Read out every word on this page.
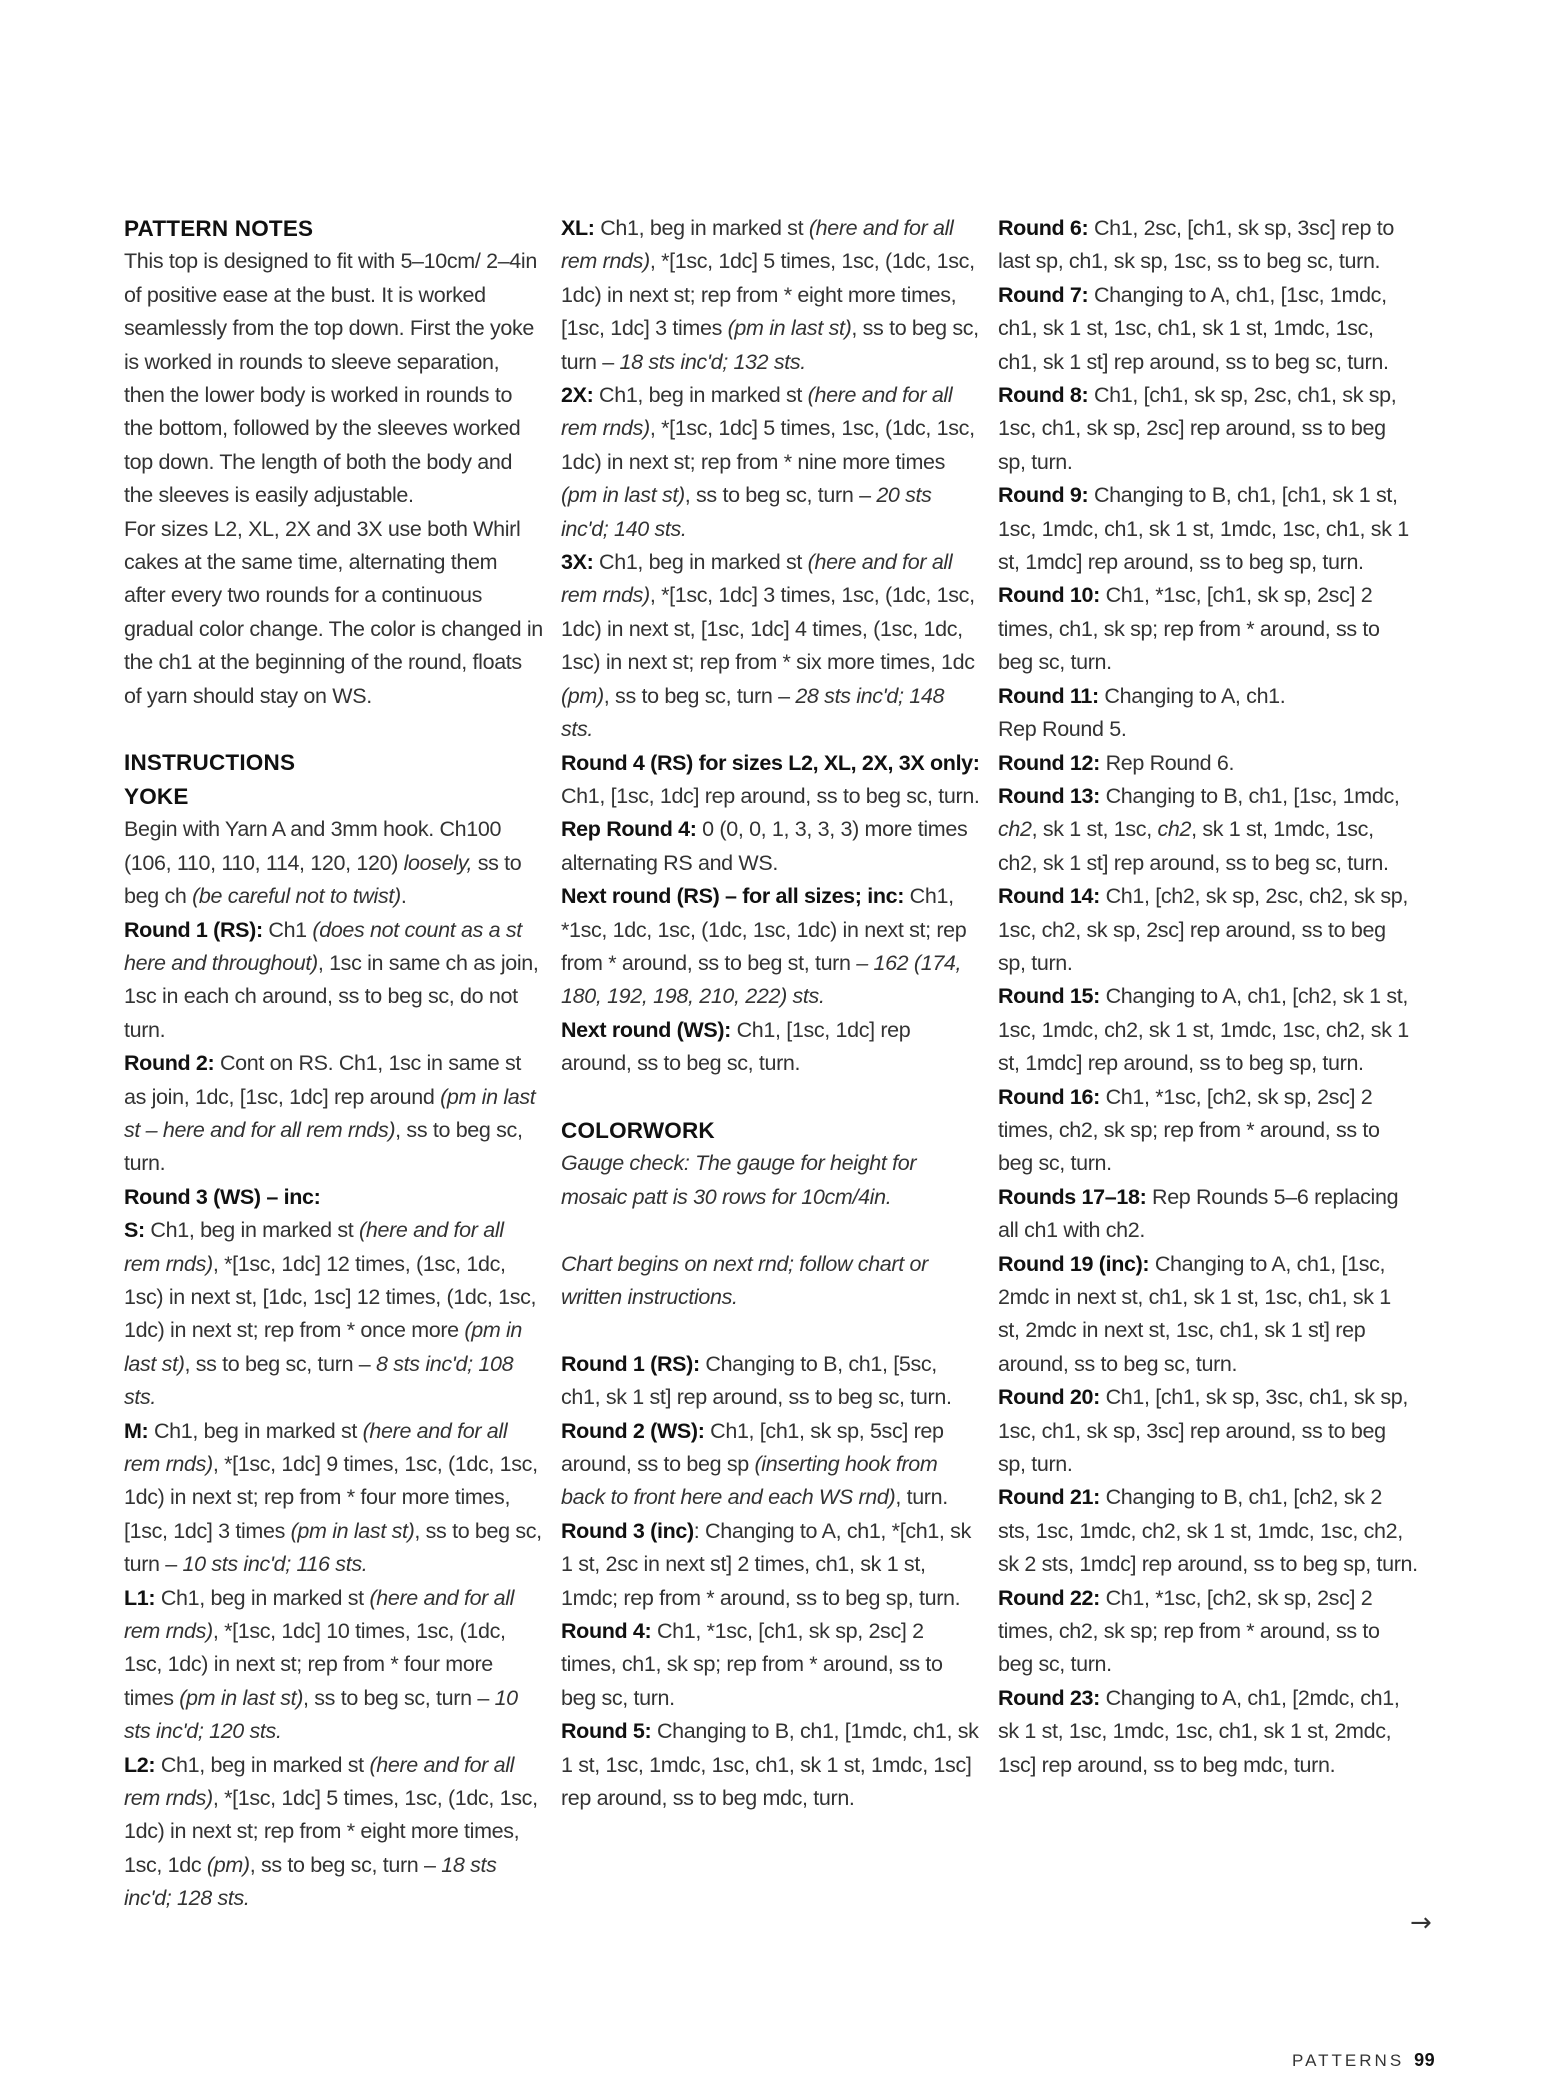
PATTERN NOTES

This top is designed to fit with 5–10cm/ 2–4in of positive ease at the bust. It is worked seamlessly from the top down. First the yoke is worked in rounds to sleeve separation, then the lower body is worked in rounds to the bottom, followed by the sleeves worked top down. The length of both the body and the sleeves is easily adjustable.

For sizes L2, XL, 2X and 3X use both Whirl cakes at the same time, alternating them after every two rounds for a continuous gradual color change. The color is changed in the ch1 at the beginning of the round, floats of yarn should stay on WS.

INSTRUCTIONS

YOKE

Begin with Yarn A and 3mm hook. Ch100 (106, 110, 110, 114, 120, 120) loosely, ss to beg ch (be careful not to twist).

Round 1 (RS): Ch1 (does not count as a st here and throughout), 1sc in same ch as join, 1sc in each ch around, ss to beg sc, do not turn.

Round 2: Cont on RS. Ch1, 1sc in same st as join, 1dc, [1sc, 1dc] rep around (pm in last st – here and for all rem rnds), ss to beg sc, turn.

Round 3 (WS) – inc:

S: Ch1, beg in marked st (here and for all rem rnds), *[1sc, 1dc] 12 times, (1sc, 1dc, 1sc) in next st, [1dc, 1sc] 12 times, (1dc, 1sc, 1dc) in next st; rep from * once more (pm in last st), ss to beg sc, turn – 8 sts inc'd; 108 sts.

M: Ch1, beg in marked st (here and for all rem rnds), *[1sc, 1dc] 9 times, 1sc, (1dc, 1sc, 1dc) in next st; rep from * four more times, [1sc, 1dc] 3 times (pm in last st), ss to beg sc, turn – 10 sts inc'd; 116 sts.

L1: Ch1, beg in marked st (here and for all rem rnds), *[1sc, 1dc] 10 times, 1sc, (1dc, 1sc, 1dc) in next st; rep from * four more times (pm in last st), ss to beg sc, turn – 10 sts inc'd; 120 sts.

L2: Ch1, beg in marked st (here and for all rem rnds), *[1sc, 1dc] 5 times, 1sc, (1dc, 1sc, 1dc) in next st; rep from * eight more times, 1sc, 1dc (pm), ss to beg sc, turn – 18 sts inc'd; 128 sts.

XL: Ch1, beg in marked st (here and for all rem rnds), *[1sc, 1dc] 5 times, 1sc, (1dc, 1sc, 1dc) in next st; rep from * eight more times, [1sc, 1dc] 3 times (pm in last st), ss to beg sc, turn – 18 sts inc'd; 132 sts.

2X: Ch1, beg in marked st (here and for all rem rnds), *[1sc, 1dc] 5 times, 1sc, (1dc, 1sc, 1dc) in next st; rep from * nine more times (pm in last st), ss to beg sc, turn – 20 sts inc'd; 140 sts.

3X: Ch1, beg in marked st (here and for all rem rnds), *[1sc, 1dc] 3 times, 1sc, (1dc, 1sc, 1dc) in next st, [1sc, 1dc] 4 times, (1sc, 1dc, 1sc) in next st; rep from * six more times, 1dc (pm), ss to beg sc, turn – 28 sts inc'd; 148 sts.

Round 4 (RS) for sizes L2, XL, 2X, 3X only: Ch1, [1sc, 1dc] rep around, ss to beg sc, turn.

Rep Round 4: 0 (0, 0, 1, 3, 3, 3) more times alternating RS and WS.

Next round (RS) – for all sizes; inc: Ch1, *1sc, 1dc, 1sc, (1dc, 1sc, 1dc) in next st; rep from * around, ss to beg st, turn – 162 (174, 180, 192, 198, 210, 222) sts.

Next round (WS): Ch1, [1sc, 1dc] rep around, ss to beg sc, turn.

COLORWORK

Gauge check: The gauge for height for mosaic patt is 30 rows for 10cm/4in.

Chart begins on next rnd; follow chart or written instructions.

Round 1 (RS): Changing to B, ch1, [5sc, ch1, sk 1 st] rep around, ss to beg sc, turn.

Round 2 (WS): Ch1, [ch1, sk sp, 5sc] rep around, ss to beg sp (inserting hook from back to front here and each WS rnd), turn.

Round 3 (inc): Changing to A, ch1, *[ch1, sk 1 st, 2sc in next st] 2 times, ch1, sk 1 st, 1mdc; rep from * around, ss to beg sp, turn.

Round 4: Ch1, *1sc, [ch1, sk sp, 2sc] 2 times, ch1, sk sp; rep from * around, ss to beg sc, turn.

Round 5: Changing to B, ch1, [1mdc, ch1, sk 1 st, 1sc, 1mdc, 1sc, ch1, sk 1 st, 1mdc, 1sc] rep around, ss to beg mdc, turn.

Round 6: Ch1, 2sc, [ch1, sk sp, 3sc] rep to last sp, ch1, sk sp, 1sc, ss to beg sc, turn.

Round 7: Changing to A, ch1, [1sc, 1mdc, ch1, sk 1 st, 1sc, ch1, sk 1 st, 1mdc, 1sc, ch1, sk 1 st] rep around, ss to beg sc, turn.

Round 8: Ch1, [ch1, sk sp, 2sc, ch1, sk sp, 1sc, ch1, sk sp, 2sc] rep around, ss to beg sp, turn.

Round 9: Changing to B, ch1, [ch1, sk 1 st, 1sc, 1mdc, ch1, sk 1 st, 1mdc, 1sc, ch1, sk 1 st, 1mdc] rep around, ss to beg sp, turn.

Round 10: Ch1, *1sc, [ch1, sk sp, 2sc] 2 times, ch1, sk sp; rep from * around, ss to beg sc, turn.

Round 11: Changing to A, ch1.

Rep Round 5.

Round 12: Rep Round 6.

Round 13: Changing to B, ch1, [1sc, 1mdc, ch2, sk 1 st, 1sc, ch2, sk 1 st, 1mdc, 1sc, ch2, sk 1 st] rep around, ss to beg sc, turn.

Round 14: Ch1, [ch2, sk sp, 2sc, ch2, sk sp, 1sc, ch2, sk sp, 2sc] rep around, ss to beg sp, turn.

Round 15: Changing to A, ch1, [ch2, sk 1 st, 1sc, 1mdc, ch2, sk 1 st, 1mdc, 1sc, ch2, sk 1 st, 1mdc] rep around, ss to beg sp, turn.

Round 16: Ch1, *1sc, [ch2, sk sp, 2sc] 2 times, ch2, sk sp; rep from * around, ss to beg sc, turn.

Rounds 17–18: Rep Rounds 5–6 replacing all ch1 with ch2.

Round 19 (inc): Changing to A, ch1, [1sc, 2mdc in next st, ch1, sk 1 st, 1sc, ch1, sk 1 st, 2mdc in next st, 1sc, ch1, sk 1 st] rep around, ss to beg sc, turn.

Round 20: Ch1, [ch1, sk sp, 3sc, ch1, sk sp, 1sc, ch1, sk sp, 3sc] rep around, ss to beg sp, turn.

Round 21: Changing to B, ch1, [ch2, sk 2 sts, 1sc, 1mdc, ch2, sk 1 st, 1mdc, 1sc, ch2, sk 2 sts, 1mdc] rep around, ss to beg sp, turn.

Round 22: Ch1, *1sc, [ch2, sk sp, 2sc] 2 times, ch2, sk sp; rep from * around, ss to beg sc, turn.

Round 23: Changing to A, ch1, [2mdc, ch1, sk 1 st, 1sc, 1mdc, 1sc, ch1, sk 1 st, 2mdc, 1sc] rep around, ss to beg mdc, turn.

→
PATTERNS 99
